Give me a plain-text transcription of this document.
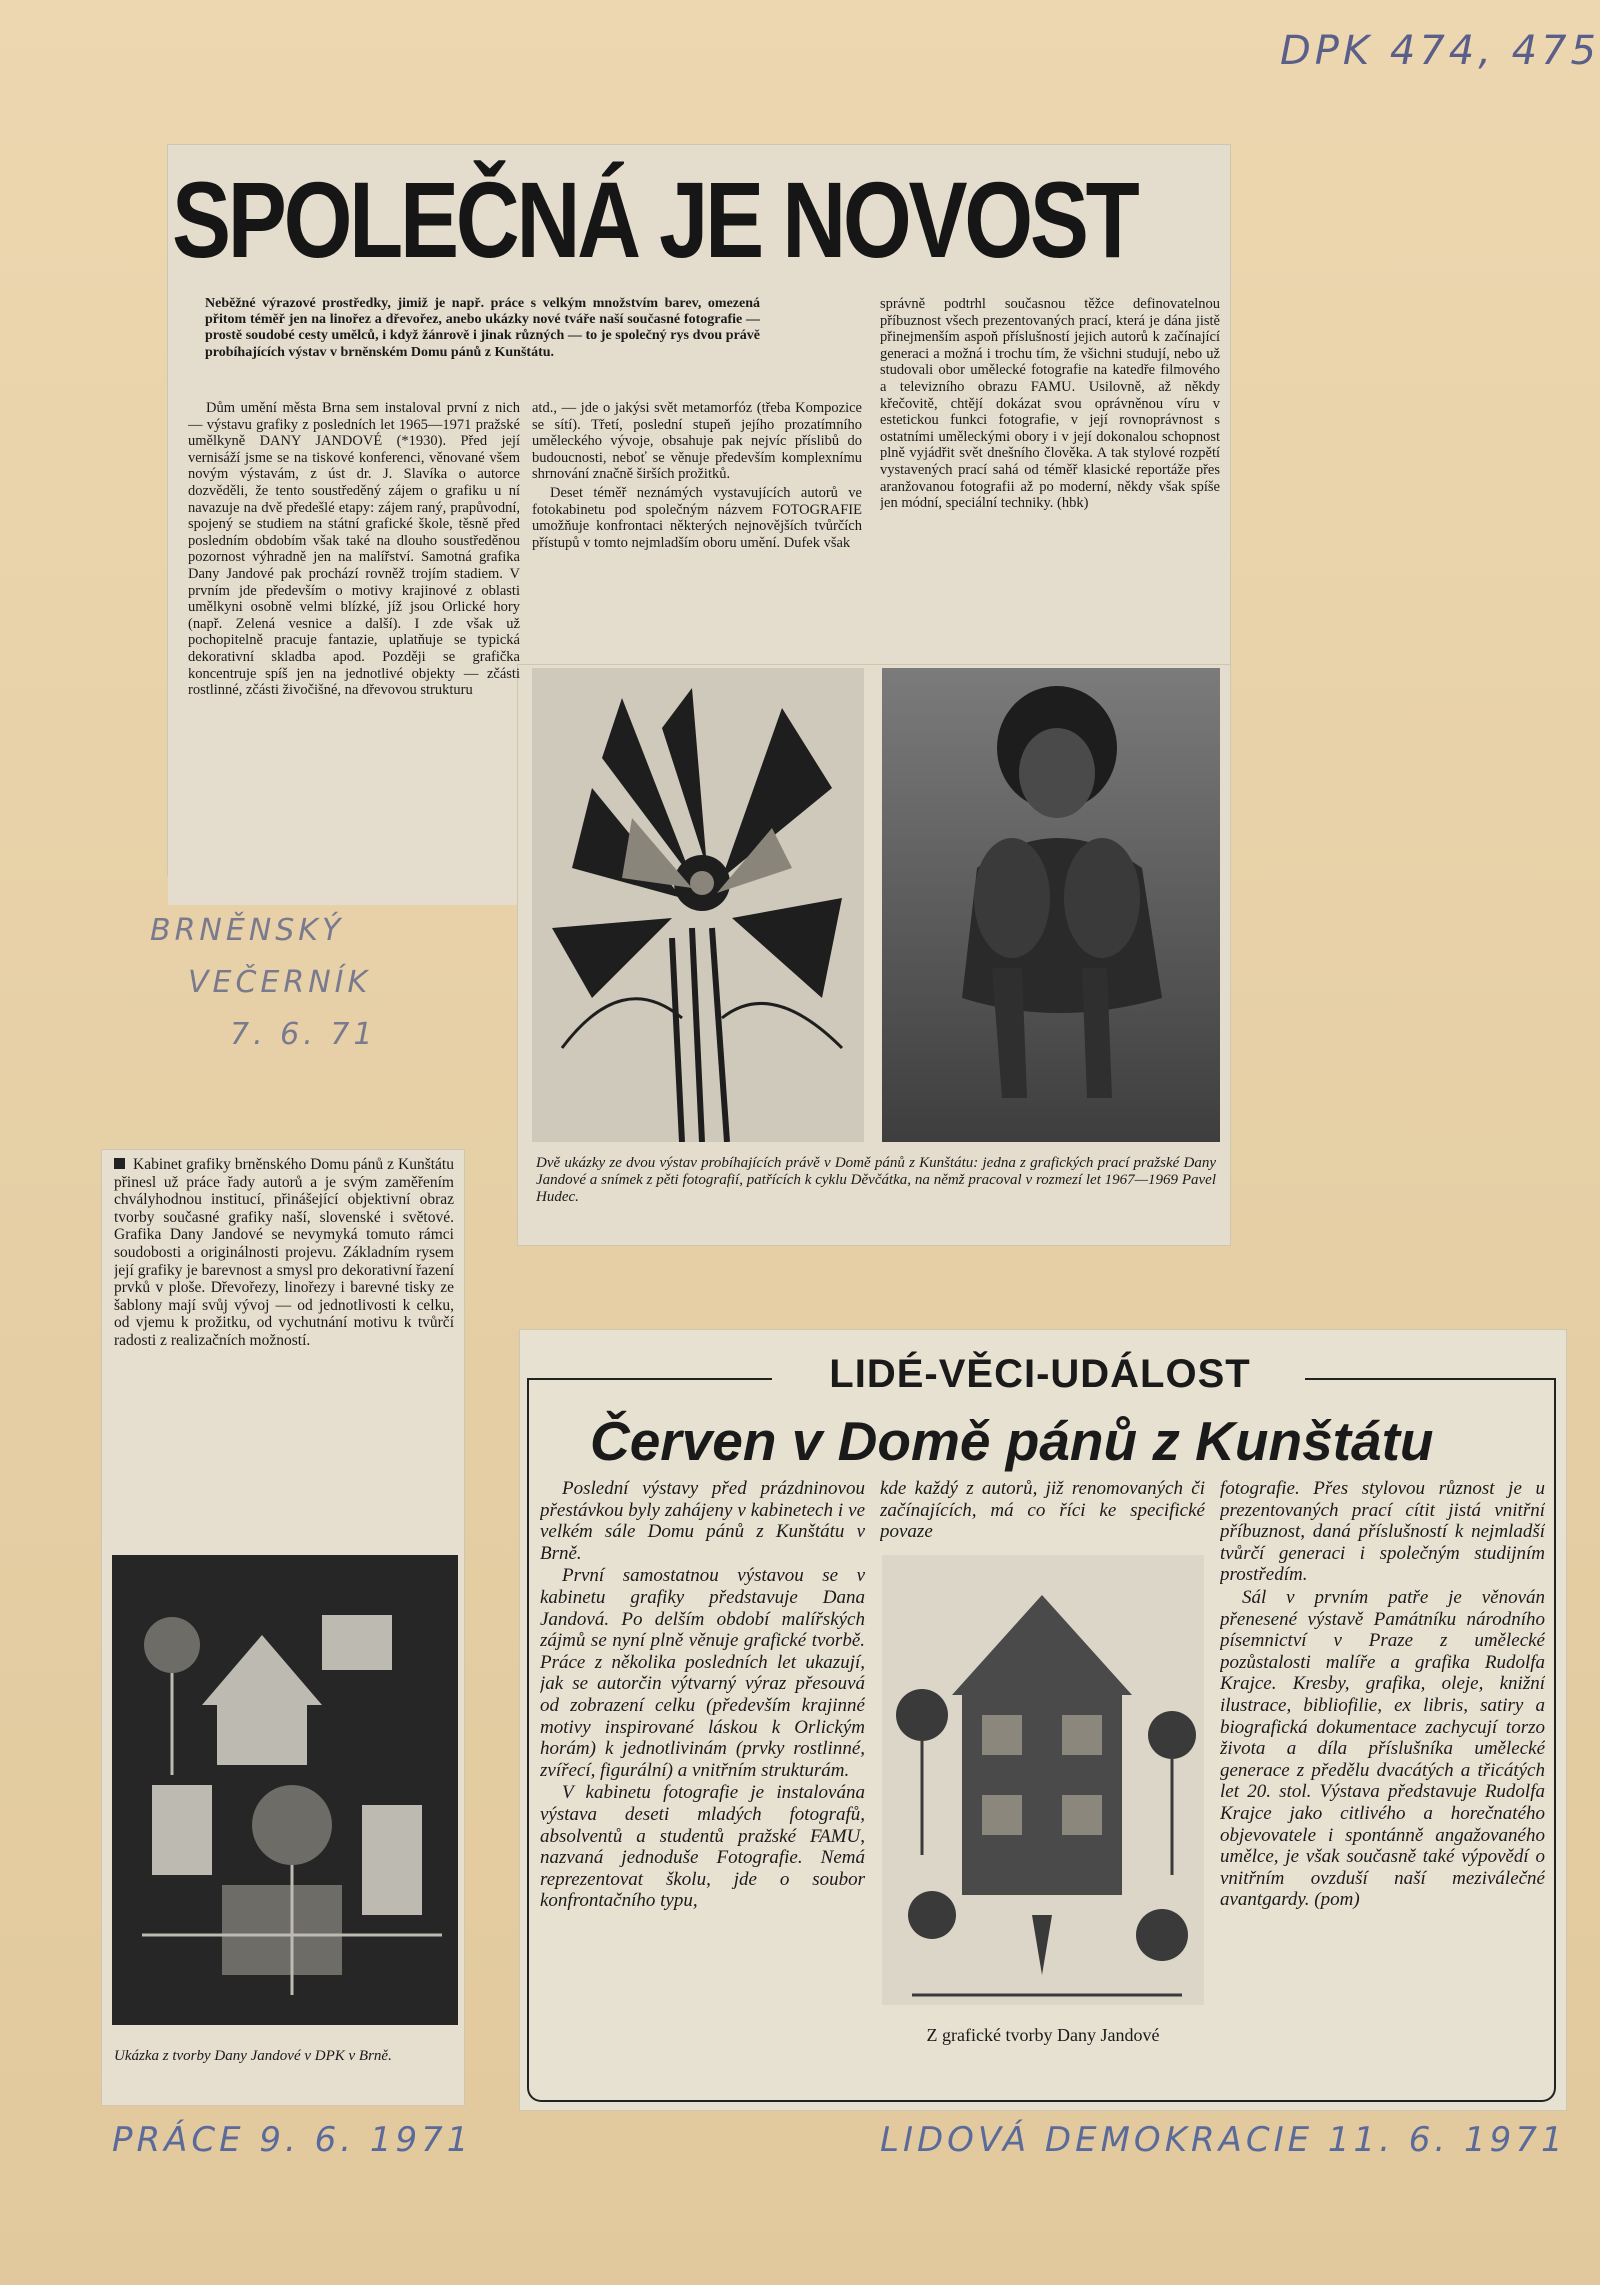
DPK 474, 475
SPOLEČNÁ JE NOVOST
Neběžné výrazové prostředky, jimiž je např. práce s velkým množstvím barev, omezená přitom téměř jen na linořez a dřevořez, anebo ukázky nové tváře naší současné fotografie — prostě soudobé cesty umělců, i když žánrově i jinak různých — to je společný rys dvou právě probíhajících výstav v brněnském Domu pánů z Kunštátu.

Dům umění města Brna sem instaloval první z nich — výstavu grafiky z posledních let 1965—1971 pražské umělkyně DANY JANDOVÉ (*1930). Před její vernisáží jsme se na tiskové konferenci, věnované všem novým výstavám, z úst dr. J. Slavíka o autorce dozvěděli, že tento soustředěný zájem o grafiku u ní navazuje na dvě předešlé etapy: zájem raný, prapůvodní, spojený se studiem na státní grafické škole, těsně před posledním obdobím však také na dlouho soustředěnou pozornost výhradně jen na malířství. Samotná grafika Dany Jandové pak prochází rovněž trojím stadiem. V prvním jde především o motivy krajinové z oblasti umělkyni osobně velmi blízké, jíž jsou Orlické hory (např. Zelená vesnice a další). I zde však už pochopitelně pracuje fantazie, uplatňuje se typická dekorativní skladba apod. Později se grafička koncentruje spíš jen na jednotlivé objekty — zčásti rostlinné, zčásti živočišné, na dřevovou strukturu

atd., — jde o jakýsi svět metamorfóz (třeba Kompozice se sítí). Třetí, poslední stupeň jejího prozatímního uměleckého vývoje, obsahuje pak nejvíc příslibů do budoucnosti, neboť se věnuje především komplexnímu shrnování značně širších prožitků.

Deset téměř neznámých vystavujících autorů ve fotokabinetu pod společným názvem FOTOGRAFIE umožňuje konfrontaci některých nejnovějších tvůrčích přístupů v tomto nejmladším oboru umění. Dufek však

správně podtrhl současnou těžce definovatelnou příbuznost všech prezentovaných prací, která je dána jistě přinejmenším aspoň příslušností jejich autorů k začínající generaci a možná i trochu tím, že všichni studují, nebo už studovali obor umělecké fotografie na katedře filmového a televizního obrazu FAMU. Usilovně, až někdy křečovitě, chtějí dokázat svou oprávněnou víru v estetickou funkci fotografie, v její rovnoprávnost s ostatními uměleckými obory i v její dokonalou schopnost plně vyjádřit svět dnešního člověka. A tak stylové rozpětí vystavených prací sahá od téměř klasické reportáže přes aranžovanou fotografii až po moderní, někdy však spíše jen módní, speciální techniky. (hbk)

Dvě ukázky ze dvou výstav probíhajících právě v Domě pánů z Kunštátu: jedna z grafických prací pražské Dany Jandové a snímek z pěti fotografií, patřících k cyklu Děvčátka, na němž pracoval v rozmezí let 1967—1969 Pavel Hudec.
BRNĚNSKÝ
VEČERNÍK
7. 6. 71

Kabinet grafiky brněnského Domu pánů z Kunštátu přinesl už práce řady autorů a je svým zaměřením chvályhodnou institucí, přinášející objektivní obraz tvorby současné grafiky naší, slovenské i světové. Grafika Dany Jandové se nevymyká tomuto rámci soudobosti a originálnosti projevu. Základním rysem její grafiky je barevnost a smysl pro dekorativní řazení prvků v ploše. Dřevořezy, linořezy i barevné tisky ze šablony mají svůj vývoj — od jednotlivosti k celku, od vjemu k prožitku, od vychutnání motivu k tvůrčí radosti z realizačních možností.

Ukázka z tvorby Dany Jandové v DPK v Brně.
PRÁCE 9. 6. 1971
LIDÉ-VĚCI-UDÁLOST
Červen v Domě pánů z Kunštátu

Poslední výstavy před prázdninovou přestávkou byly zahájeny v kabinetech i ve velkém sále Domu pánů z Kunštátu v Brně.

První samostatnou výstavou se v kabinetu grafiky představuje Dana Jandová. Po delším období malířských zájmů se nyní plně věnuje grafické tvorbě. Práce z několika posledních let ukazují, jak se autorčin výtvarný výraz přesouvá od zobrazení celku (především krajinné motivy inspirované láskou k Orlickým horám) k jednotlivinám (prvky rostlinné, zvířecí, figurální) a vnitřním strukturám.

V kabinetu fotografie je instalována výstava deseti mladých fotografů, absolventů a studentů pražské FAMU, nazvaná jednoduše Fotografie. Nemá reprezentovat školu, jde o soubor konfrontačního typu,

kde každý z autorů, již renomovaných či začínajících, má co říci ke specifické povaze

Z grafické tvorby Dany Jandové

fotografie. Přes stylovou různost je u prezentovaných prací cítit jistá vnitřní příbuznost, daná příslušností k nejmladší tvůrčí generaci i společným studijním prostředím.

Sál v prvním patře je věnován přenesené výstavě Památníku národního písemnictví v Praze z umělecké pozůstalosti malíře a grafika Rudolfa Krajce. Kresby, grafika, oleje, knižní ilustrace, bibliofilie, ex libris, satiry a biografická dokumentace zachycují torzo života a díla příslušníka umělecké generace z předělu dvacátých a třicátých let 20. stol. Výstava představuje Rudolfa Krajce jako citlivého a horečnatého objevovatele i spontánně angažovaného umělce, je však současně také výpovědí o vnitřním ovzduší naší meziválečné avantgardy. (pom)

LIDOVÁ DEMOKRACIE 11. 6. 1971
